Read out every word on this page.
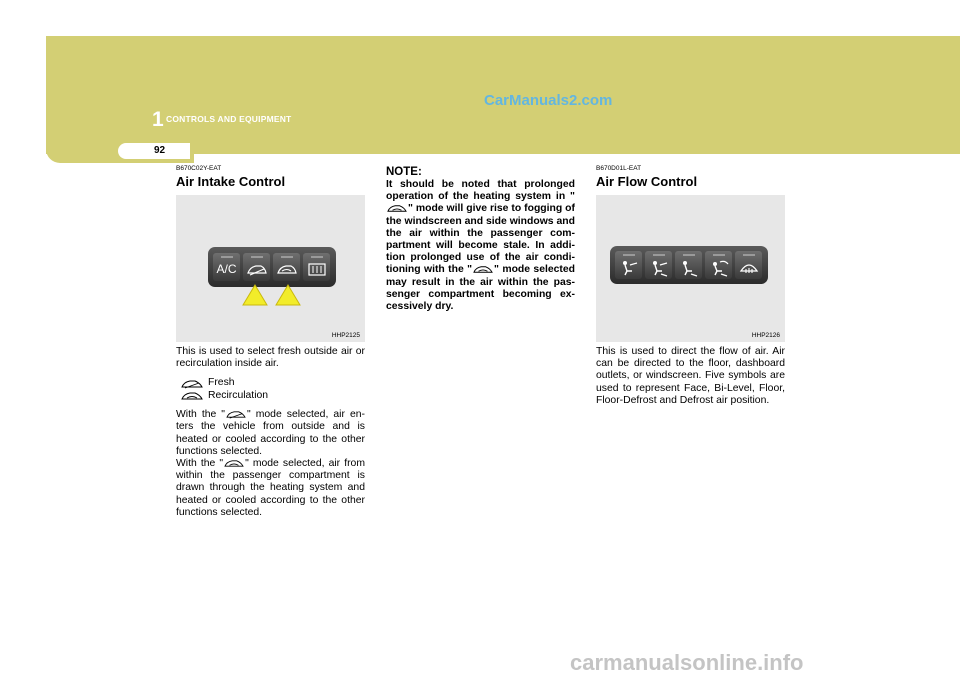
1 CONTROLS AND EQUIPMENT
CarManuals2.com
92
B670C02Y-EAT
Air Intake Control
A/C
HHP2125
This is used to select fresh outside air or recirculation inside air.
Fresh
Recirculation
With the " " mode selected, air en-ters the vehicle from outside and is heated or cooled according to the other functions selected.
With the " " mode selected, air from within the passenger compartment is drawn through the heating system and heated or cooled according to the other functions selected.
NOTE:
It should be noted that prolonged operation of the heating system in "" mode will give rise to fogging of the windscreen and side windows and the air within the passenger com-partment will become stale. In addi-tion prolonged use of the air condi-tioning with the " " mode selected may result in the air within the pas-senger compartment becoming ex-cessively dry.
B670D01L-EAT
Air Flow Control
HHP2126
This is used to direct the flow of air. Air can be directed to the floor, dashboard outlets, or windscreen. Five symbols are used to represent Face, Bi-Level, Floor, Floor-Defrost and Defrost air position.
carmanualsonline.info
